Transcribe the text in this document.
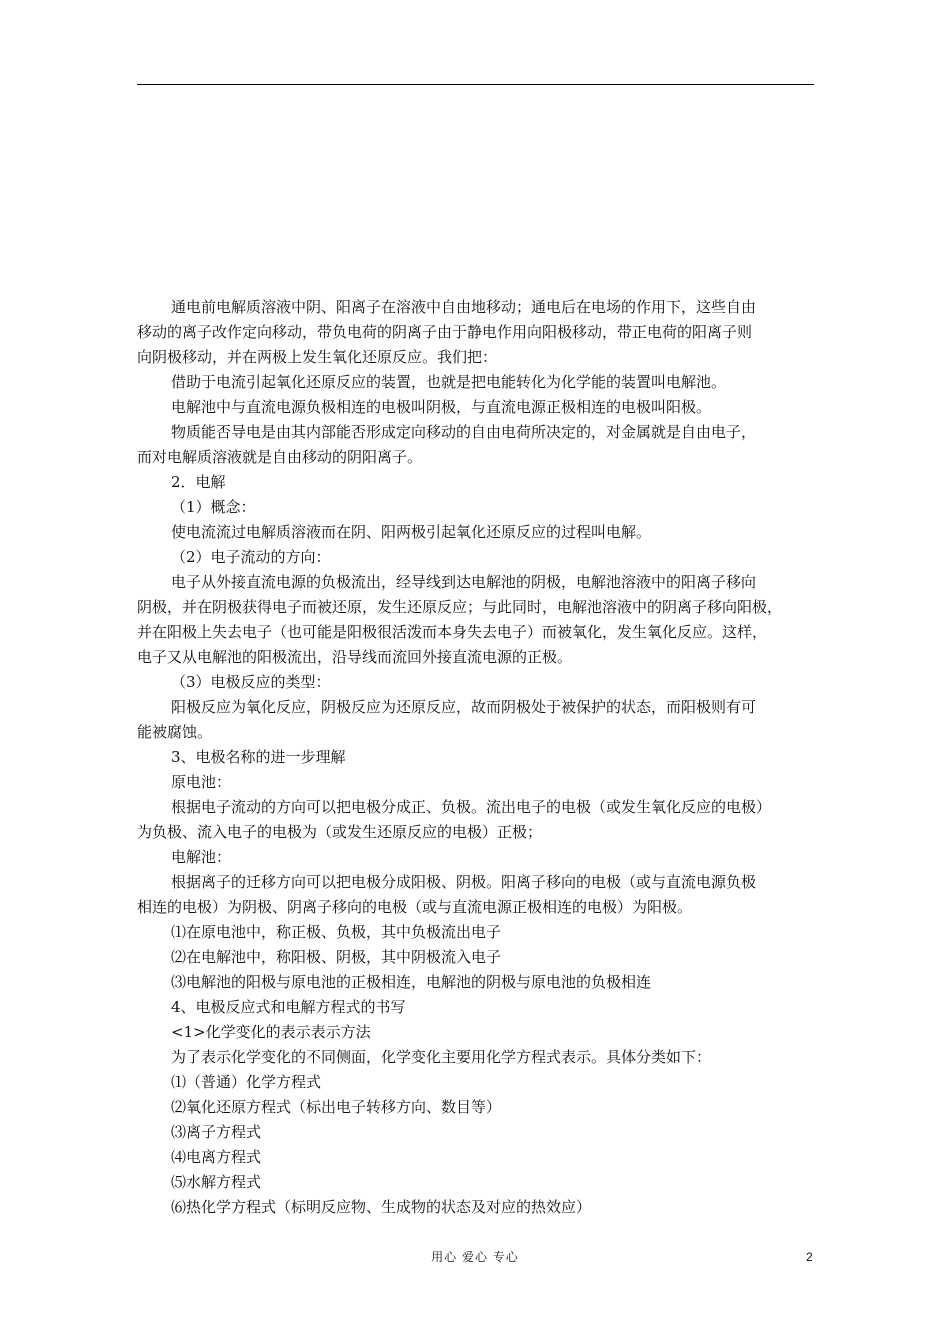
通电前电解质溶液中阴、阳离子在溶液中自由地移动；通电后在电场的作用下，这些自由
移动的离子改作定向移动，带负电荷的阴离子由于静电作用向阳极移动，带正电荷的阳离子则
向阴极移动，并在两极上发生氧化还原反应。我们把：
借助于电流引起氧化还原反应的装置，也就是把电能转化为化学能的装置叫电解池。
电解池中与直流电源负极相连的电极叫阴极，与直流电源正极相连的电极叫阳极。
物质能否导电是由其内部能否形成定向移动的自由电荷所决定的，对金属就是自由电子，
而对电解质溶液就是自由移动的阴阳离子。
2．电解
（1）概念：
使电流流过电解质溶液而在阴、阳两极引起氧化还原反应的过程叫电解。
（2）电子流动的方向：
电子从外接直流电源的负极流出，经导线到达电解池的阴极，电解池溶液中的阳离子移向
阴极，并在阴极获得电子而被还原，发生还原反应；与此同时，电解池溶液中的阴离子移向阳极，
并在阳极上失去电子（也可能是阳极很活泼而本身失去电子）而被氧化，发生氧化反应。这样，
电子又从电解池的阳极流出，沿导线而流回外接直流电源的正极。
（3）电极反应的类型：
阳极反应为氧化反应，阴极反应为还原反应，故而阴极处于被保护的状态，而阳极则有可
能被腐蚀。
3、电极名称的进一步理解
原电池：
根据电子流动的方向可以把电极分成正、负极。流出电子的电极（或发生氧化反应的电极）
为负极、流入电子的电极为（或发生还原反应的电极）正极；
电解池：
根据离子的迁移方向可以把电极分成阳极、阴极。阳离子移向的电极（或与直流电源负极
相连的电极）为阴极、阴离子移向的电极（或与直流电源正极相连的电极）为阳极。
⑴在原电池中，称正极、负极，其中负极流出电子
⑵在电解池中，称阳极、阴极，其中阴极流入电子
⑶电解池的阳极与原电池的正极相连，电解池的阴极与原电池的负极相连
4、电极反应式和电解方程式的书写
<1>化学变化的表示表示方法
为了表示化学变化的不同侧面，化学变化主要用化学方程式表示。具体分类如下：
⑴（普通）化学方程式
⑵氧化还原方程式（标出电子转移方向、数目等）
⑶离子方程式
⑷电离方程式
⑸水解方程式
⑹热化学方程式（标明反应物、生成物的状态及对应的热效应）
用心 爱心 专心	2
